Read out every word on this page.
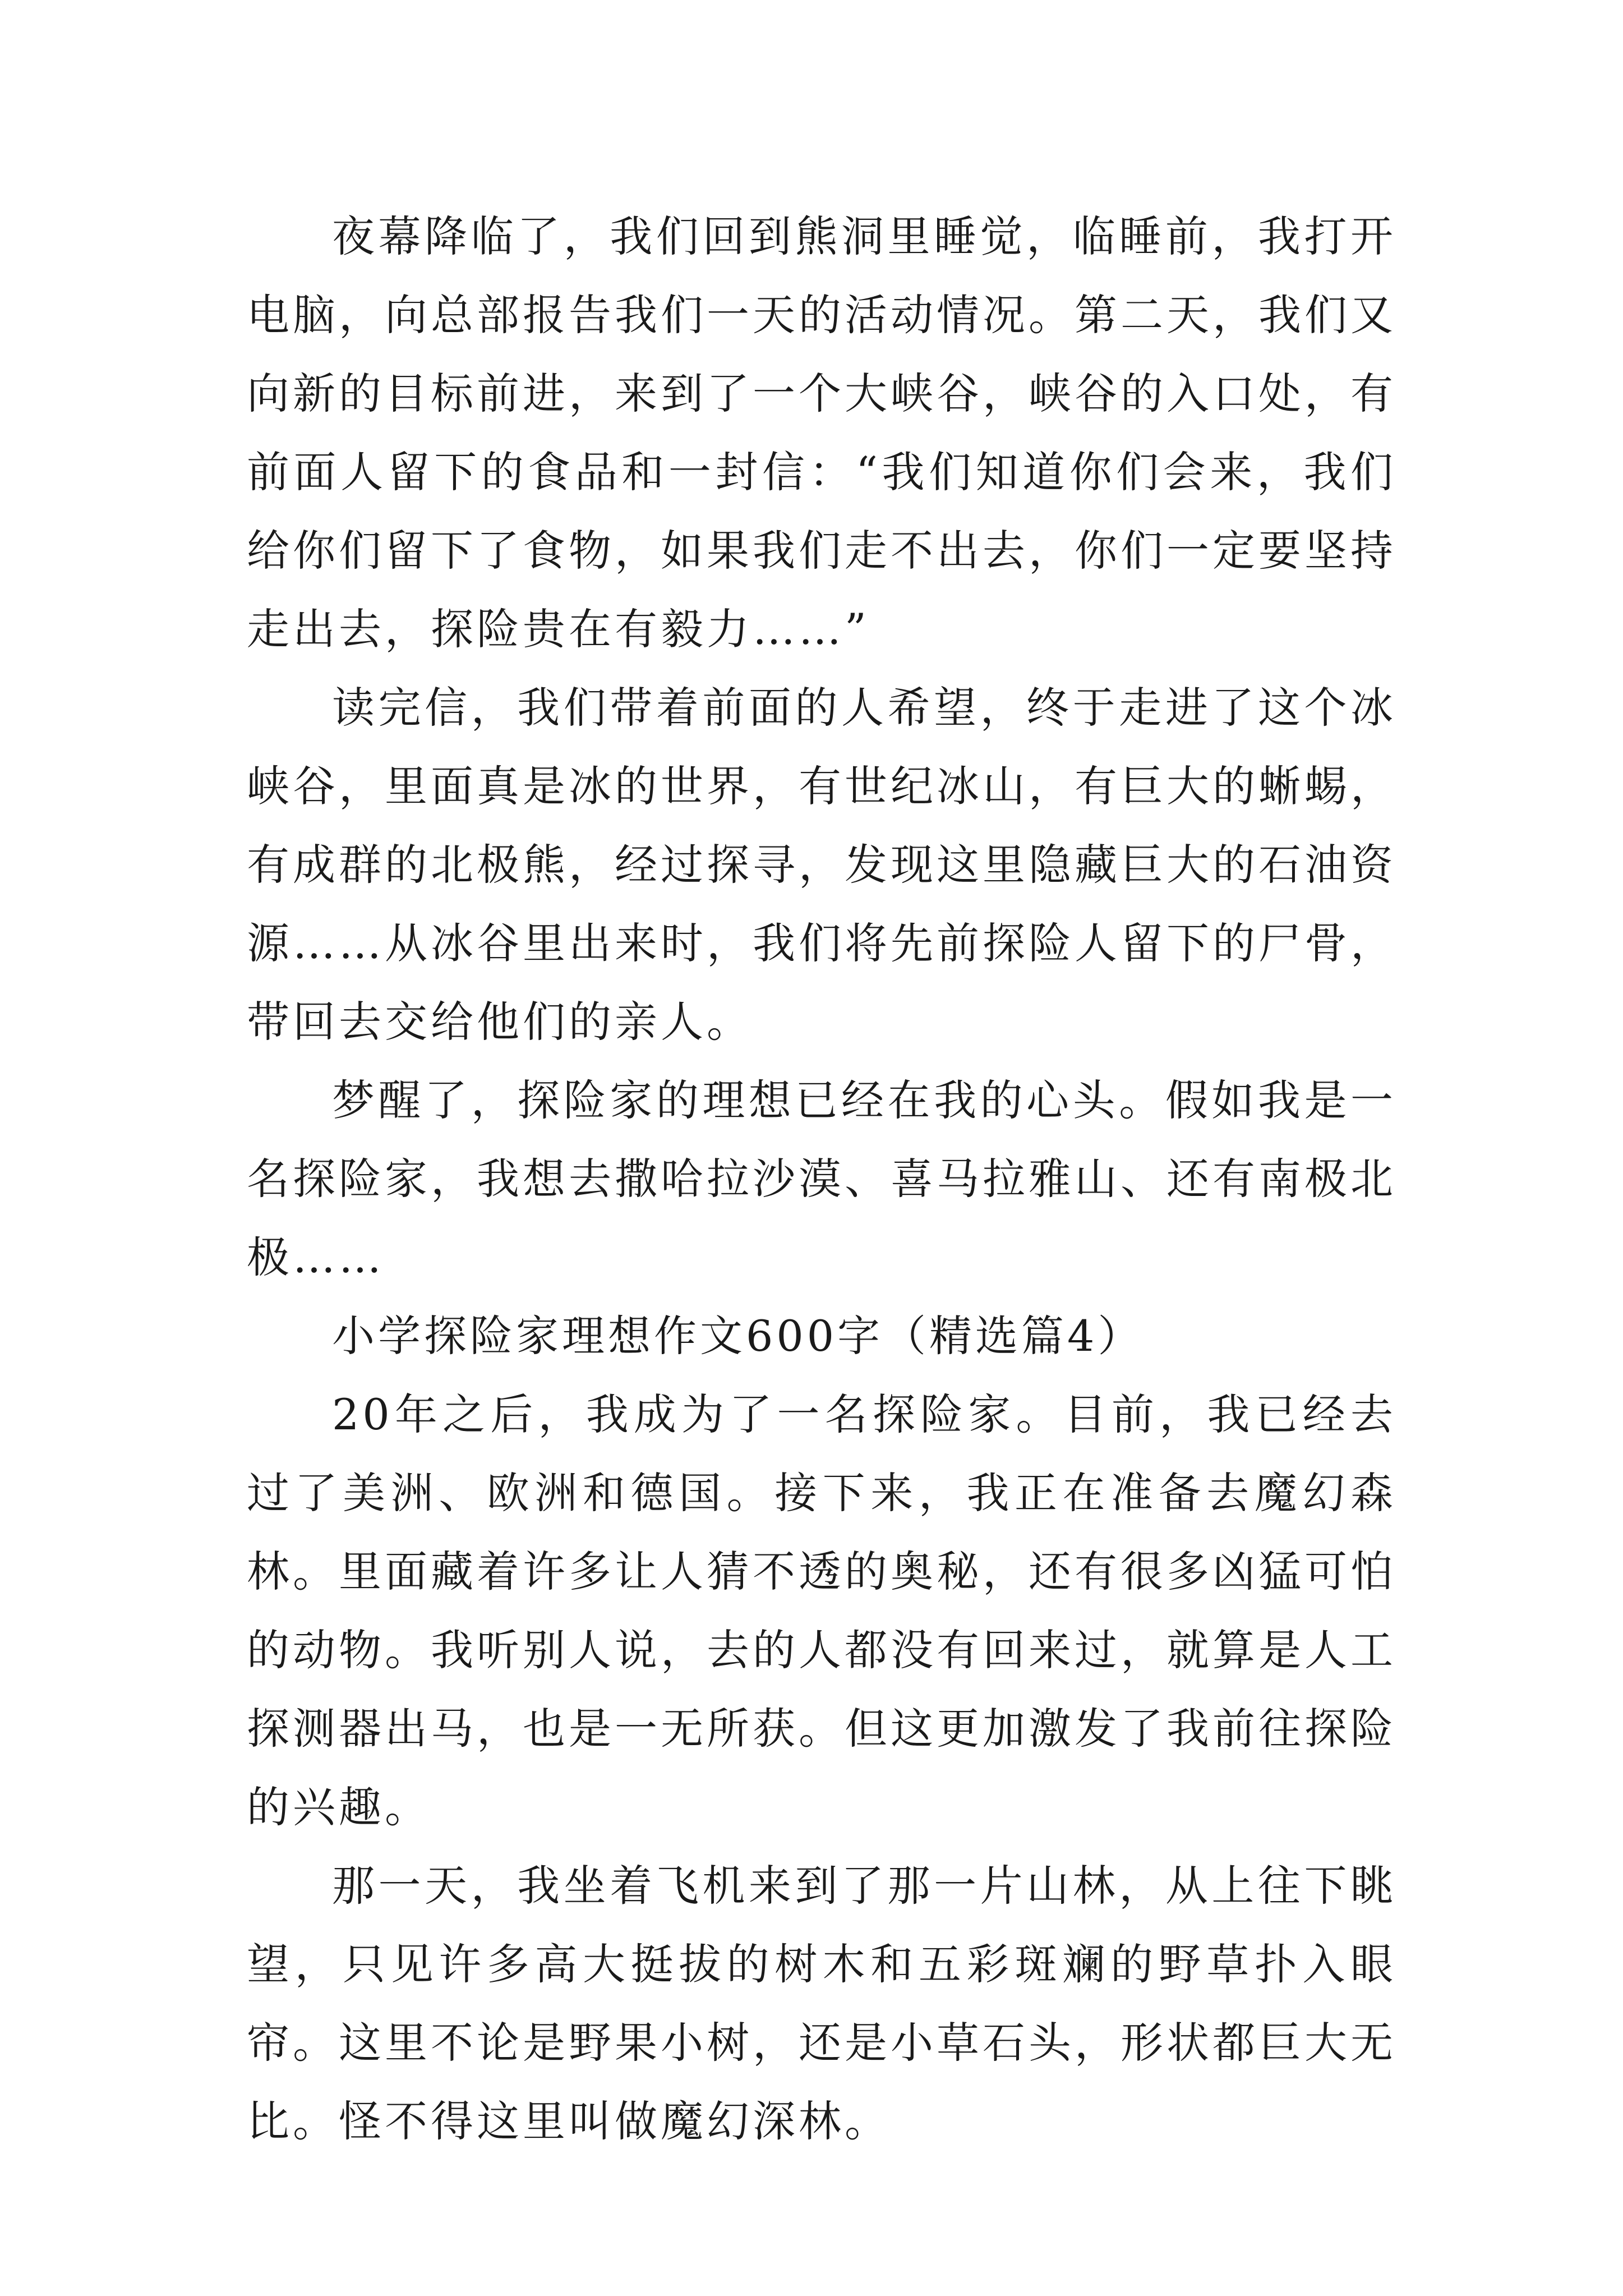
夜幕降临了，我们回到熊洞里睡觉，临睡前，我打开电脑，向总部报告我们一天的活动情况。第二天，我们又向新的目标前进，来到了一个大峡谷，峡谷的入口处，有前面人留下的食品和一封信：“我们知道你们会来，我们给你们留下了食物，如果我们走不出去，你们一定要坚持走出去，探险贵在有毅力……”

读完信，我们带着前面的人希望，终于走进了这个冰峡谷，里面真是冰的世界，有世纪冰山，有巨大的蜥蜴，有成群的北极熊，经过探寻，发现这里隐藏巨大的石油资源……从冰谷里出来时，我们将先前探险人留下的尸骨，带回去交给他们的亲人。

梦醒了，探险家的理想已经在我的心头。假如我是一名探险家，我想去撒哈拉沙漠、喜马拉雅山、还有南极北极……

小学探险家理想作文600字（精选篇4）

20年之后，我成为了一名探险家。目前，我已经去过了美洲、欧洲和德国。接下来，我正在准备去魔幻森林。里面藏着许多让人猜不透的奥秘，还有很多凶猛可怕的动物。我听别人说，去的人都没有回来过，就算是人工探测器出马，也是一无所获。但这更加激发了我前往探险的兴趣。

那一天，我坐着飞机来到了那一片山林，从上往下眺望，只见许多高大挺拔的树木和五彩斑斓的野草扑入眼帘。这里不论是野果小树，还是小草石头，形状都巨大无比。怪不得这里叫做魔幻深林。
